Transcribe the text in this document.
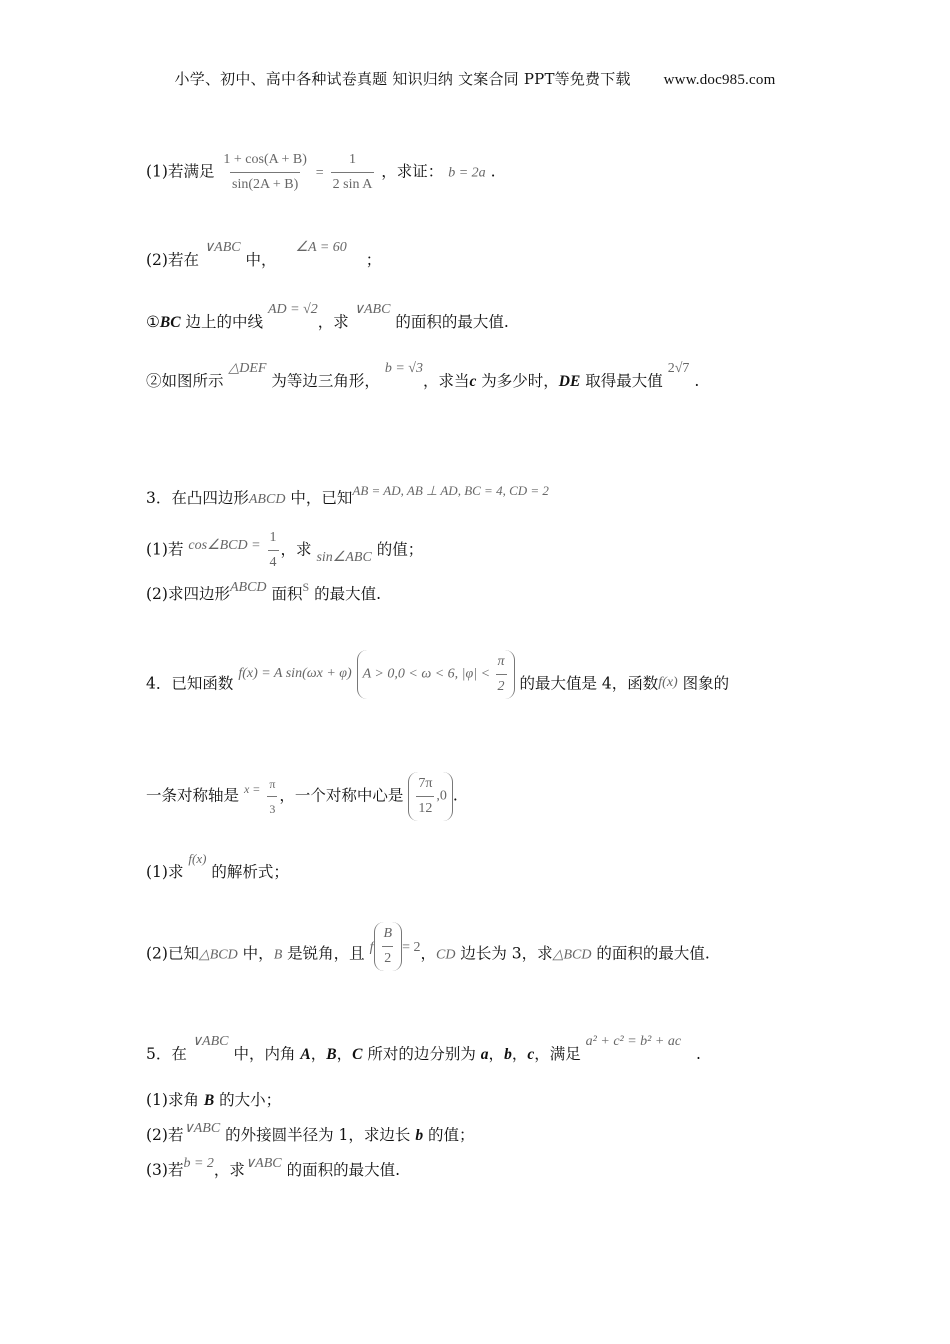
小学、初中、高中各种试卷真题 知识归纳 文案合同 PPT等免费下载 www.doc985.com
(1)若满足 $\frac{1 + \cos(A + B)}{\sin(2A + B)} = \frac{1}{\text{2 sin A}}$ ，求证： b = 2a .
(2)若在 ∨ABC 中， ∠A = 60 ；
①BC 边上的中线 AD = √2，求 ∨ABC 的面积的最大值.
②如图所示 △DEF 为等边三角形， b = √3，求当c 为多少时，DE 取得最大值 2√7 .
3．在凸四边形ABCD 中，已知$^{AB = AD, AB \perp AD, BC = 4, CD = 2}$
(1)若 cos∠BCD = $\frac{1}{4}$ ，求 sin∠ABC 的值；
(2)求四边形ABCD 面积$^S$ 的最大值.
4．已知函数 f(x) = A sin(ωx + φ) A > 0,0 < ω < 6, $|\varphi| < \frac{\pi}{2}$ 的最大值是 4，函数f(x) 图象的
一条对称轴是 $^{x =} \frac{\pi}{3}$ ，一个对称中心是 $\frac{7\pi}{12} ,0$ .
(1)求 $^{f(x)}$ 的解析式；
(2)已知△BCD 中，B 是锐角，且 f $\frac{B}{2} = 2$，CD 边长为 3，求△BCD 的面积的最大值.
5．在 ∨ABC 中，内角 A，B，C 所对的边分别为 a，b，c，满足 a² + c² = b² + ac .
(1)求角 B 的大小；
(2)若∨ABC 的外接圆半径为 1，求边长 b 的值；
(3)若b = 2，求∨ABC 的面积的最大值.
